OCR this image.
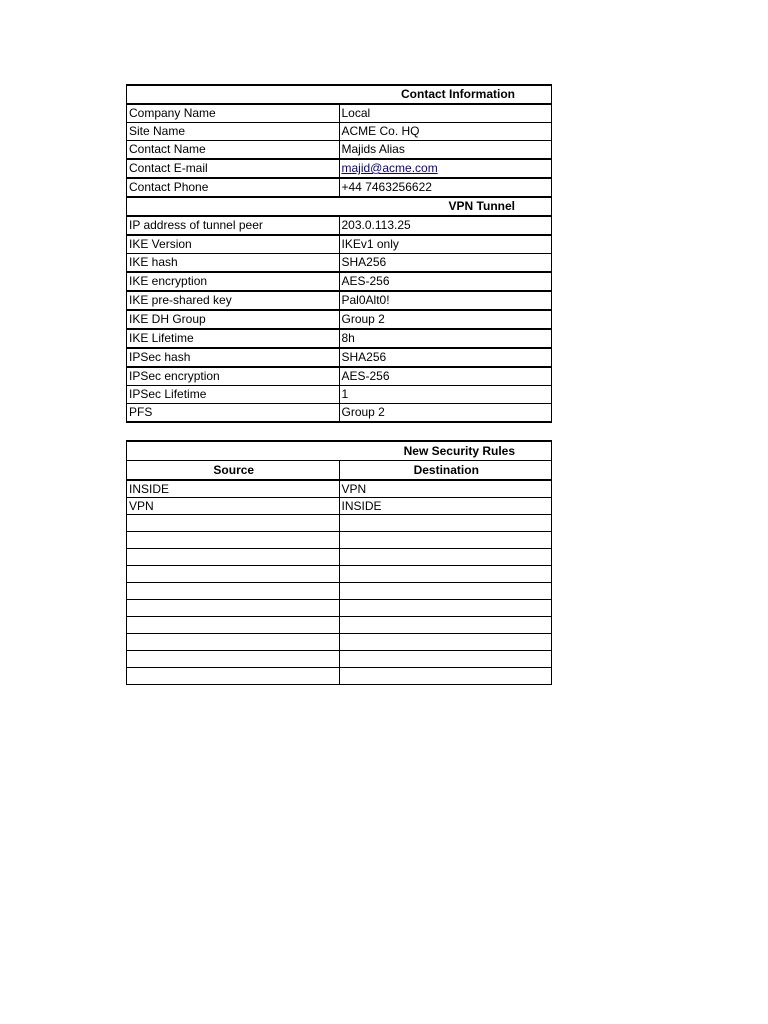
Contact Information	
Company Name	Local
Site Name	ACME Co. HQ
Contact Name	Majids Alias
Contact E-mail	majid@acme.com
Contact Phone	+44 7463256622
VPN Tunnel	
IP address of tunnel peer	203.0.113.25
IKE Version	IKEv1 only
IKE hash	SHA256
IKE encryption	AES-256
IKE pre-shared key	Pal0Alt0!
IKE DH Group	Group 2
IKE Lifetime	8h
IPSec hash	SHA256
IPSec encryption	AES-256
IPSec Lifetime	1
PFS	Group 2
New Security Rules	
Source	Destination
INSIDE	VPN
VPN	INSIDE
